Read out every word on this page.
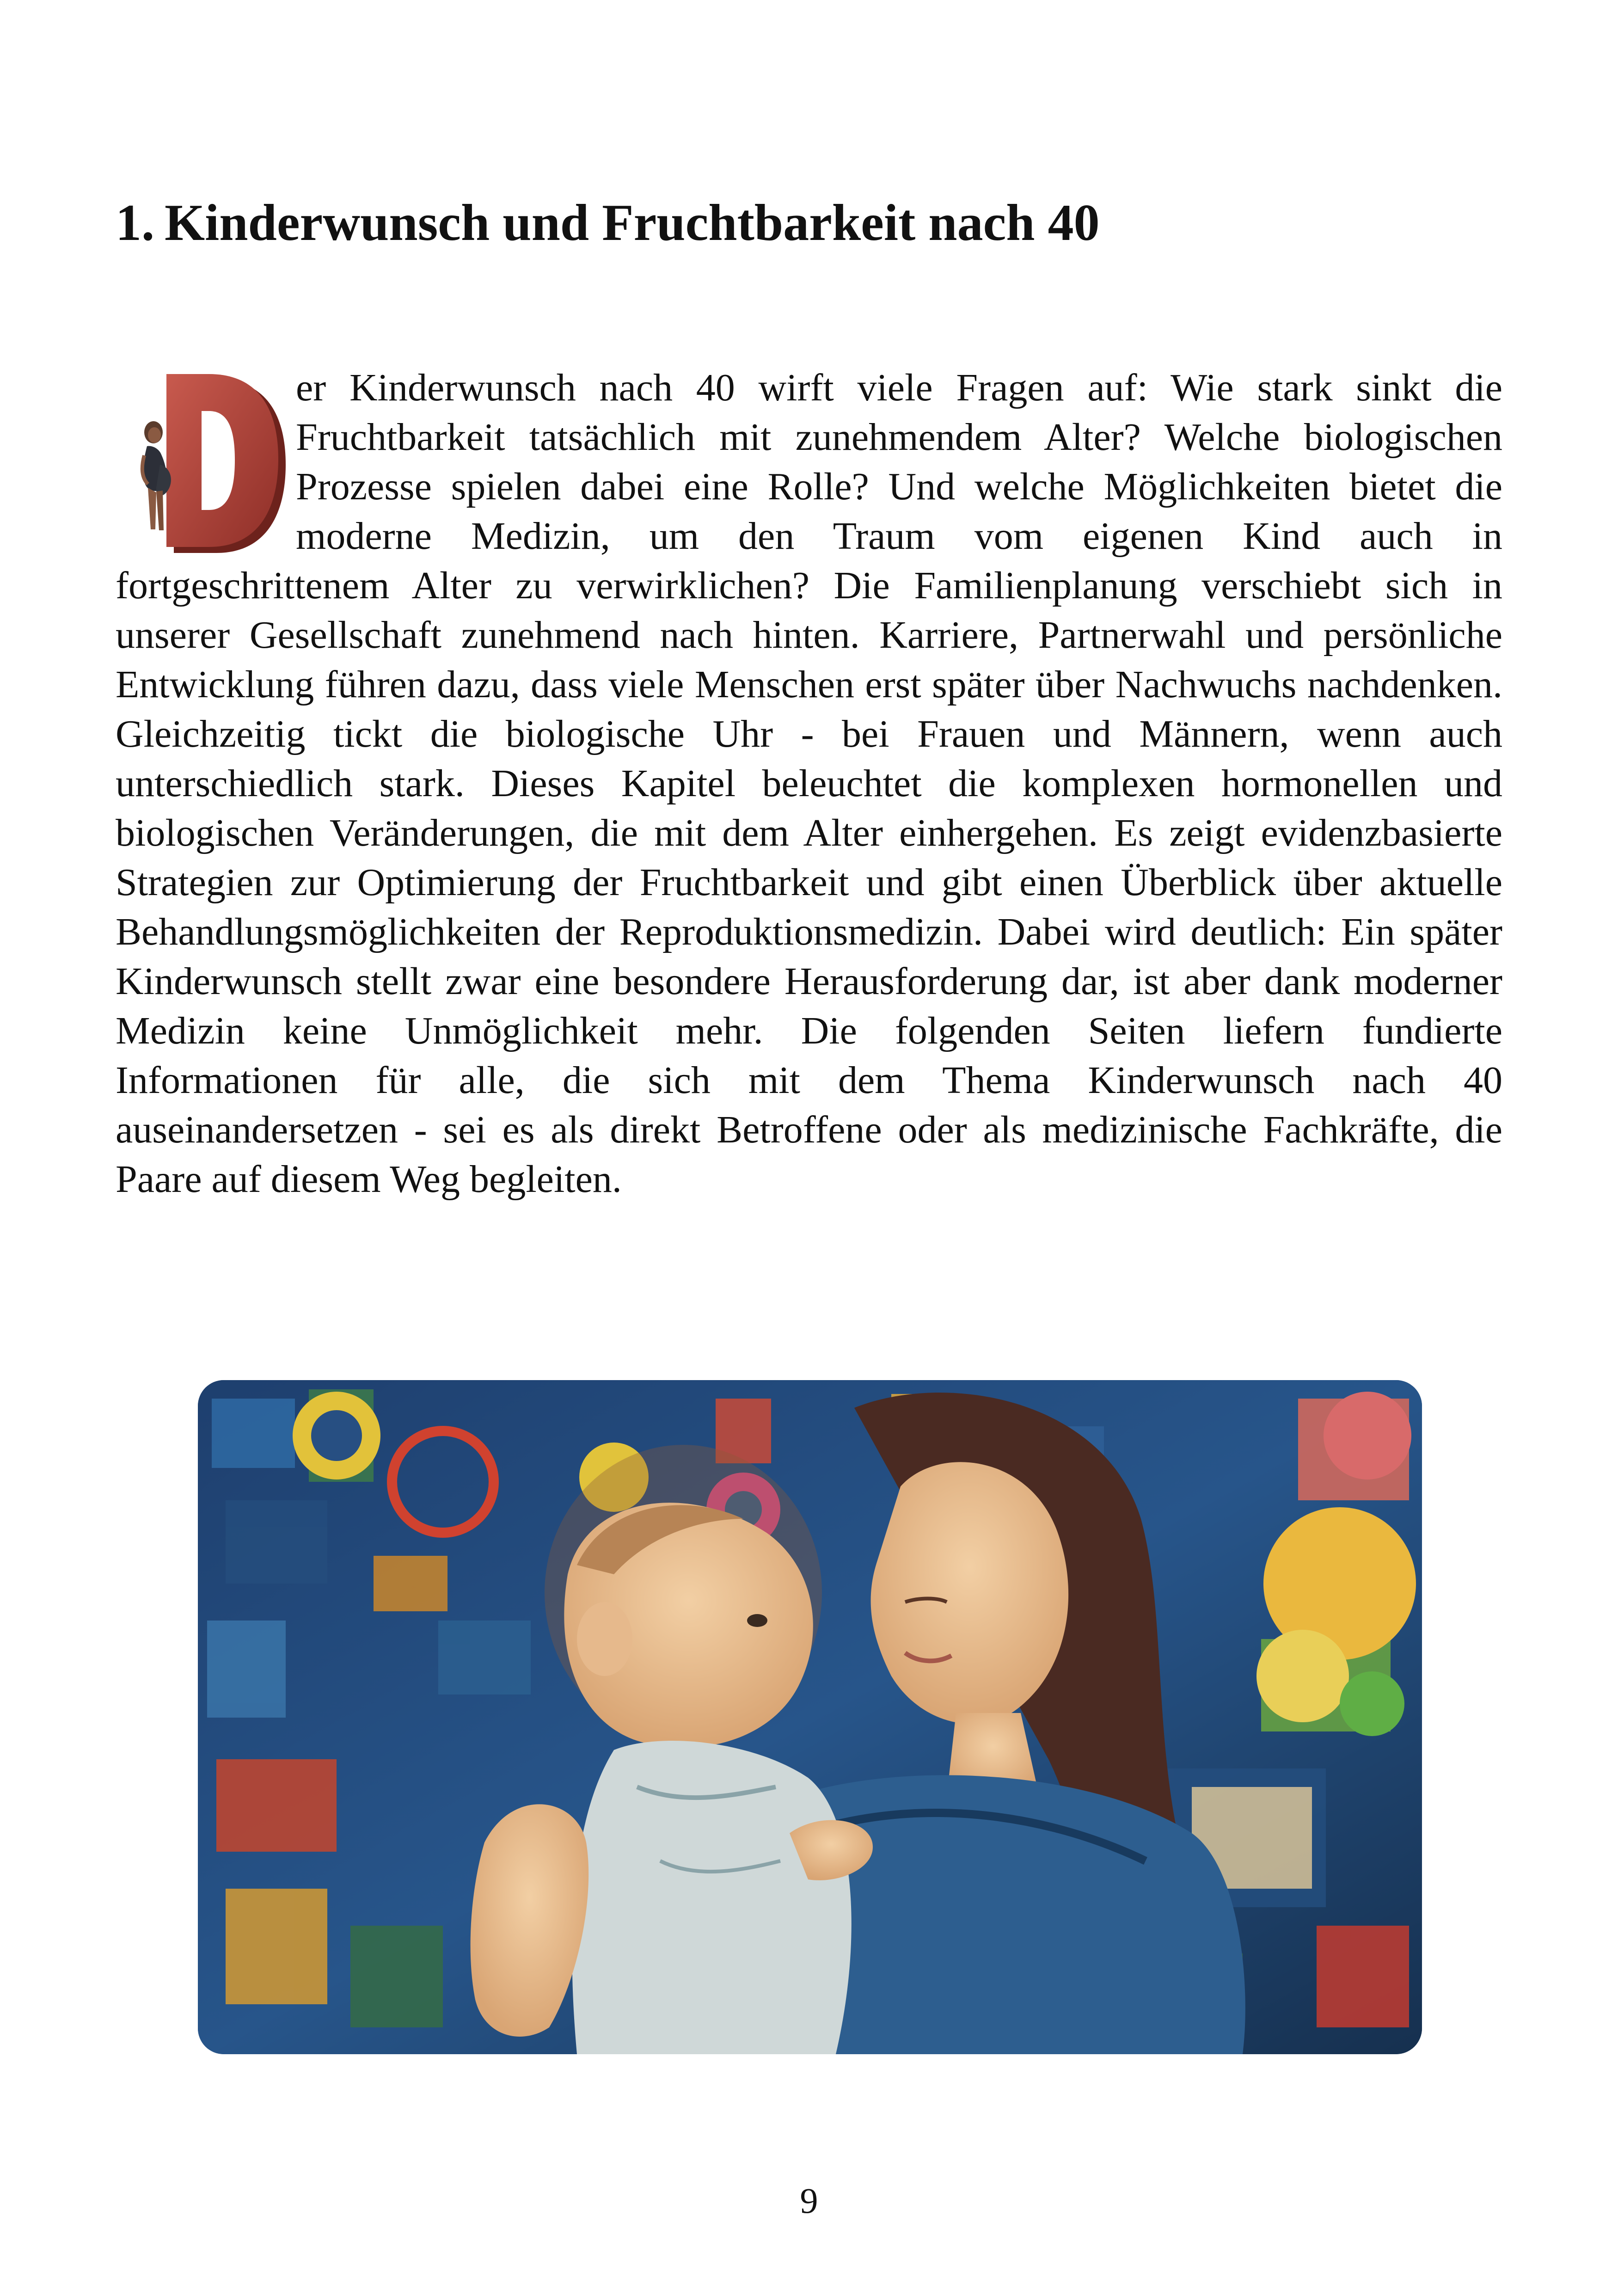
1. Kinderwunsch und Fruchtbarkeit nach 40
er Kinderwunsch nach 40 wirft viele Fragen auf: Wie stark sinkt die Fruchtbarkeit tatsächlich mit zunehmendem Alter? Welche biologischen Prozesse spielen dabei eine Rolle? Und welche Möglichkeiten bietet die moderne Medizin, um den Traum vom eigenen Kind auch in fortgeschrittenem Alter zu verwirklichen? Die Familienplanung verschiebt sich in unserer Gesellschaft zunehmend nach hinten. Karriere, Partnerwahl und persönliche Entwicklung führen dazu, dass viele Menschen erst später über Nachwuchs nachdenken. Gleichzeitig tickt die biologische Uhr - bei Frauen und Männern, wenn auch unterschiedlich stark. Dieses Kapitel beleuchtet die komplexen hormonellen und biologischen Veränderungen, die mit dem Alter einhergehen. Es zeigt evidenzbasierte Strategien zur Optimierung der Fruchtbarkeit und gibt einen Überblick über aktuelle Behandlungsmöglichkeiten der Reproduktionsmedizin. Dabei wird deutlich: Ein später Kinderwunsch stellt zwar eine besondere Herausforderung dar, ist aber dank moderner Medizin keine Unmöglichkeit mehr. Die folgenden Seiten liefern fundierte Informationen für alle, die sich mit dem Thema Kinderwunsch nach 40 auseinandersetzen - sei es als direkt Betroffene oder als medizinische Fachkräfte, die Paare auf diesem Weg begleiten.
9
